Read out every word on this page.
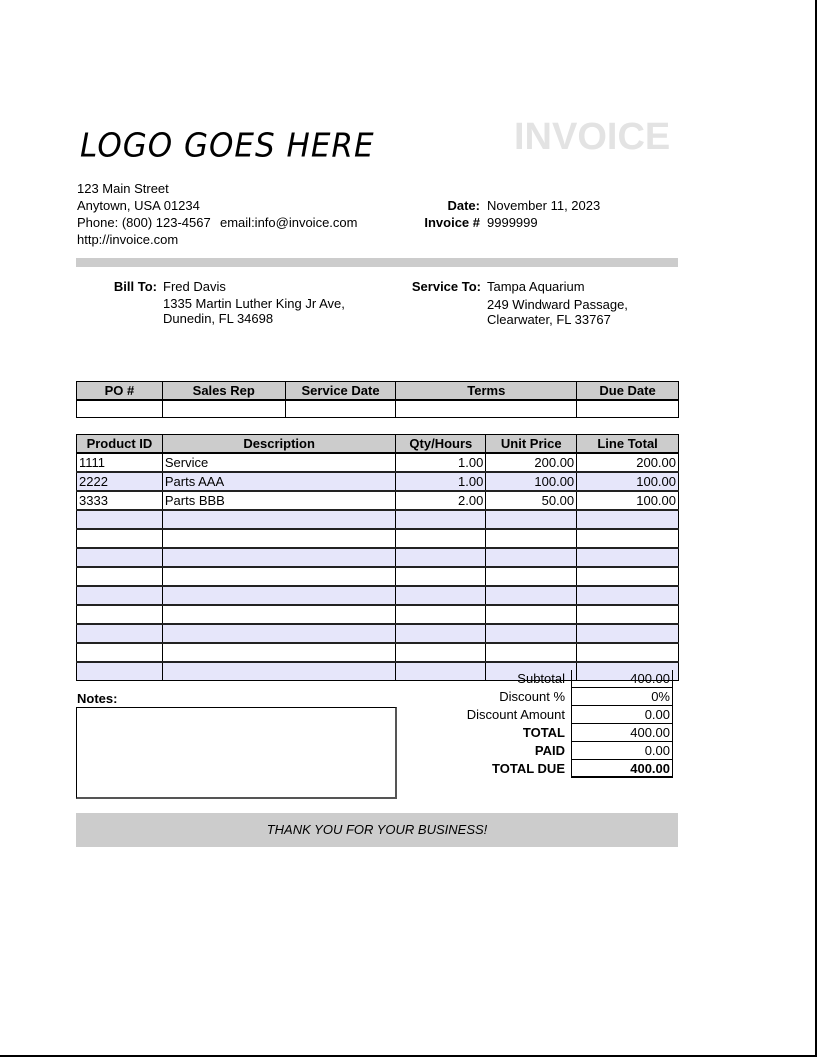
LOGO GOES HERE	INVOICE
123 Main Street
Anytown, USA 01234
Phone: (800) 123-4567 email:info@invoice.com
http://invoice.com
Date: November 11, 2023
Invoice # 9999999
Bill To: Fred Davis
1335 Martin Luther King Jr Ave,
Dunedin, FL 34698
Service To: Tampa Aquarium
249 Windward Passage,
Clearwater, FL 33767
PO #	Sales Rep	Service Date	Terms	Due Date

Product ID	Description	Qty/Hours	Unit Price	Line Total
1111	Service	1.00	200.00	200.00
2222	Parts AAA	1.00	100.00	100.00
3333	Parts BBB	2.00	50.00	100.00

Subtotal	400.00
Discount %	0%
Discount Amount	0.00
TOTAL	400.00
PAID	0.00
TOTAL DUE	400.00
Notes:
THANK YOU FOR YOUR BUSINESS!
